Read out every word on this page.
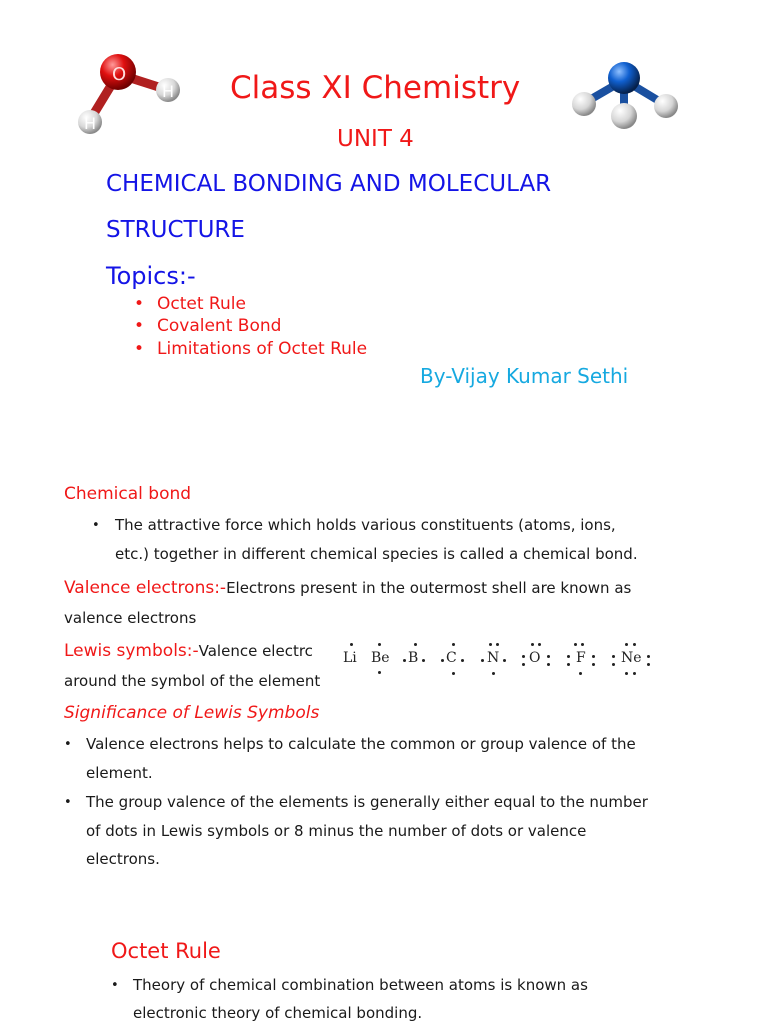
O
H
H
Class XI Chemistry
UNIT 4
CHEMICAL BONDING AND MOLECULAR
STRUCTURE
Topics:-
• Octet Rule
• Covalent Bond
• Limitations of Octet Rule
By-Vijay Kumar Sethi
Chemical bond
• The attractive force which holds various constituents (atoms, ions,
etc.) together in different chemical species is called a chemical bond.
Valence electrons:-Electrons present in the outermost shell are known as
valence electrons
Lewis symbols:-Valence electrc
around the symbol of the element
Li Be B C N O	F	Ne
Significance of Lewis Symbols
• Valence electrons helps to calculate the common or group valence of the
element.
• The group valence of the elements is generally either equal to the number
of dots in Lewis symbols or 8 minus the number of dots or valence
electrons.
Octet Rule
• Theory of chemical combination between atoms is known as
electronic theory of chemical bonding.
